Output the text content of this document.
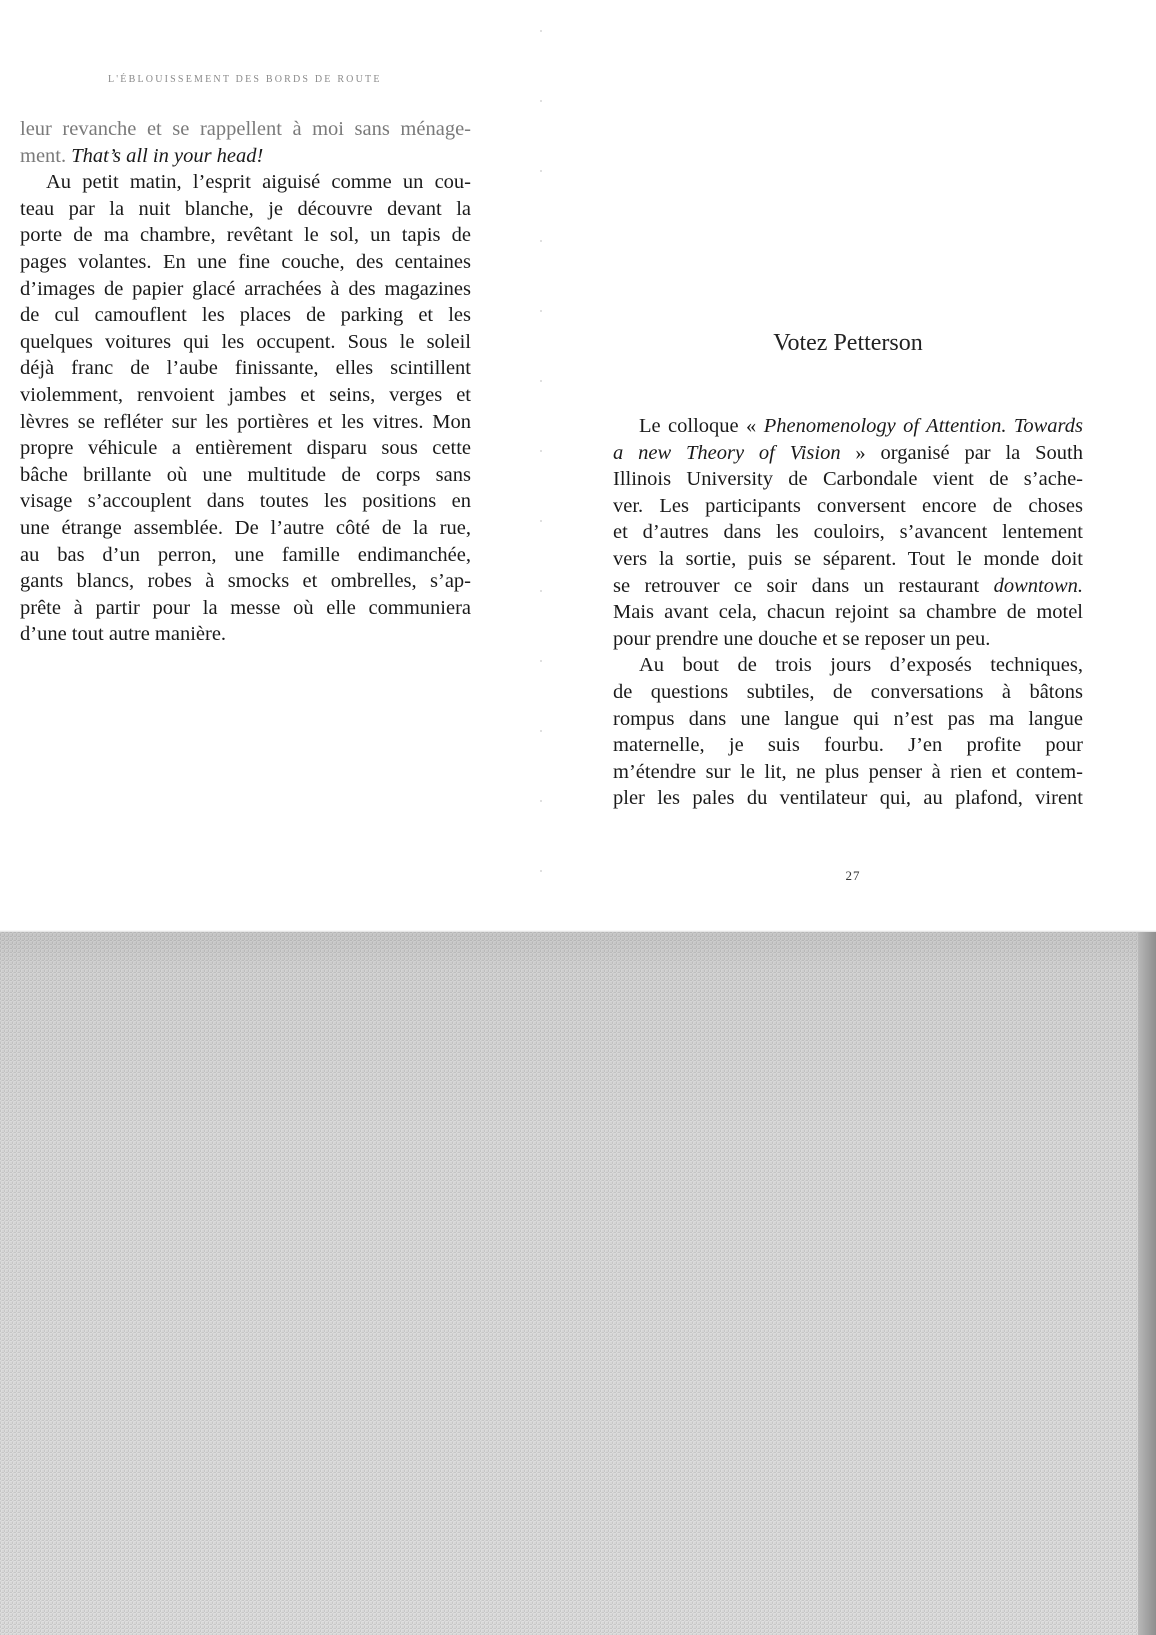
L'ÉBLOUISSEMENT DES BORDS DE ROUTE
leur revanche et se rappellent à moi sans ménage-
ment. That’s all in your head!
Au petit matin, l’esprit aiguisé comme un cou-
teau par la nuit blanche, je découvre devant la
porte de ma chambre, revêtant le sol, un tapis de
pages volantes. En une fine couche, des centaines
d’images de papier glacé arrachées à des magazines
de cul camouflent les places de parking et les
quelques voitures qui les occupent. Sous le soleil
déjà franc de l’aube finissante, elles scintillent
violemment, renvoient jambes et seins, verges et
lèvres se refléter sur les portières et les vitres. Mon
propre véhicule a entièrement disparu sous cette
bâche brillante où une multitude de corps sans
visage s’accouplent dans toutes les positions en
une étrange assemblée. De l’autre côté de la rue,
au bas d’un perron, une famille endimanchée,
gants blancs, robes à smocks et ombrelles, s’ap-
prête à partir pour la messe où elle communiera
d’une tout autre manière.
Votez Petterson
Le colloque « Phenomenology of Attention. Towards
a new Theory of Vision » organisé par la South
Illinois University de Carbondale vient de s’ache-
ver. Les participants conversent encore de choses
et d’autres dans les couloirs, s’avancent lentement
vers la sortie, puis se séparent. Tout le monde doit
se retrouver ce soir dans un restaurant downtown.
Mais avant cela, chacun rejoint sa chambre de motel
pour prendre une douche et se reposer un peu.
Au bout de trois jours d’exposés techniques,
de questions subtiles, de conversations à bâtons
rompus dans une langue qui n’est pas ma langue
maternelle, je suis fourbu. J’en profite pour
m’étendre sur le lit, ne plus penser à rien et contem-
pler les pales du ventilateur qui, au plafond, virent
27
